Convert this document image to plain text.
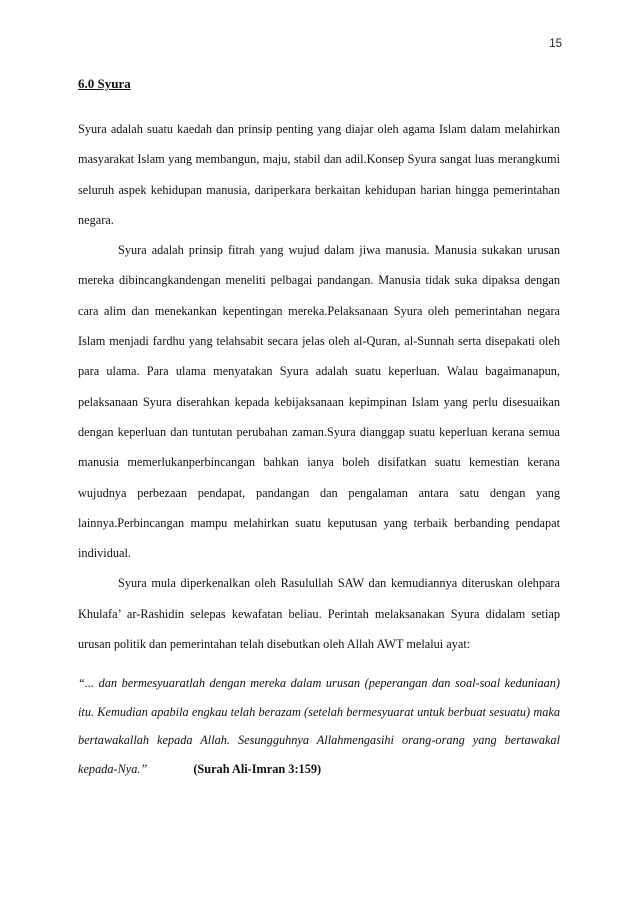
15
6.0 Syura

Syura adalah suatu kaedah dan prinsip penting yang diajar oleh agama Islam dalam melahirkan masyarakat Islam yang membangun, maju, stabil dan adil.Konsep Syura sangat luas merangkumi seluruh aspek kehidupan manusia, dariperkara berkaitan kehidupan harian hingga pemerintahan negara.

Syura adalah prinsip fitrah yang wujud dalam jiwa manusia. Manusia sukakan urusan mereka dibincangkandengan meneliti pelbagai pandangan. Manusia tidak suka dipaksa dengan cara alim dan menekankan kepentingan mereka.Pelaksanaan Syura oleh pemerintahan negara Islam menjadi fardhu yang telahsabit secara jelas oleh al-Quran, al-Sunnah serta disepakati oleh para ulama. Para ulama menyatakan Syura adalah suatu keperluan. Walau bagaimanapun, pelaksanaan Syura diserahkan kepada kebijaksanaan kepimpinan Islam yang perlu disesuaikan dengan keperluan dan tuntutan perubahan zaman.Syura dianggap suatu keperluan kerana semua manusia memerlukanperbincangan bahkan ianya boleh disifatkan suatu kemestian kerana wujudnya perbezaan pendapat, pandangan dan pengalaman antara satu dengan yang lainnya.Perbincangan mampu melahirkan suatu keputusan yang terbaik berbanding pendapat individual.

Syura mula diperkenalkan oleh Rasulullah SAW dan kemudiannya diteruskan olehpara Khulafa’ ar-Rashidin selepas kewafatan beliau. Perintah melaksanakan Syura didalam setiap urusan politik dan pemerintahan telah disebutkan oleh Allah AWT melalui ayat:

“... dan bermesyuaratlah dengan mereka dalam urusan (peperangan dan soal-soal keduniaan) itu. Kemudian apabila engkau telah berazam (setelah bermesyuarat untuk berbuat sesuatu) maka bertawakallah kepada Allah. Sesungguhnya Allahmengasihi orang-orang yang bertawakal kepada-Nya.”	(Surah Ali-Imran 3:159)
